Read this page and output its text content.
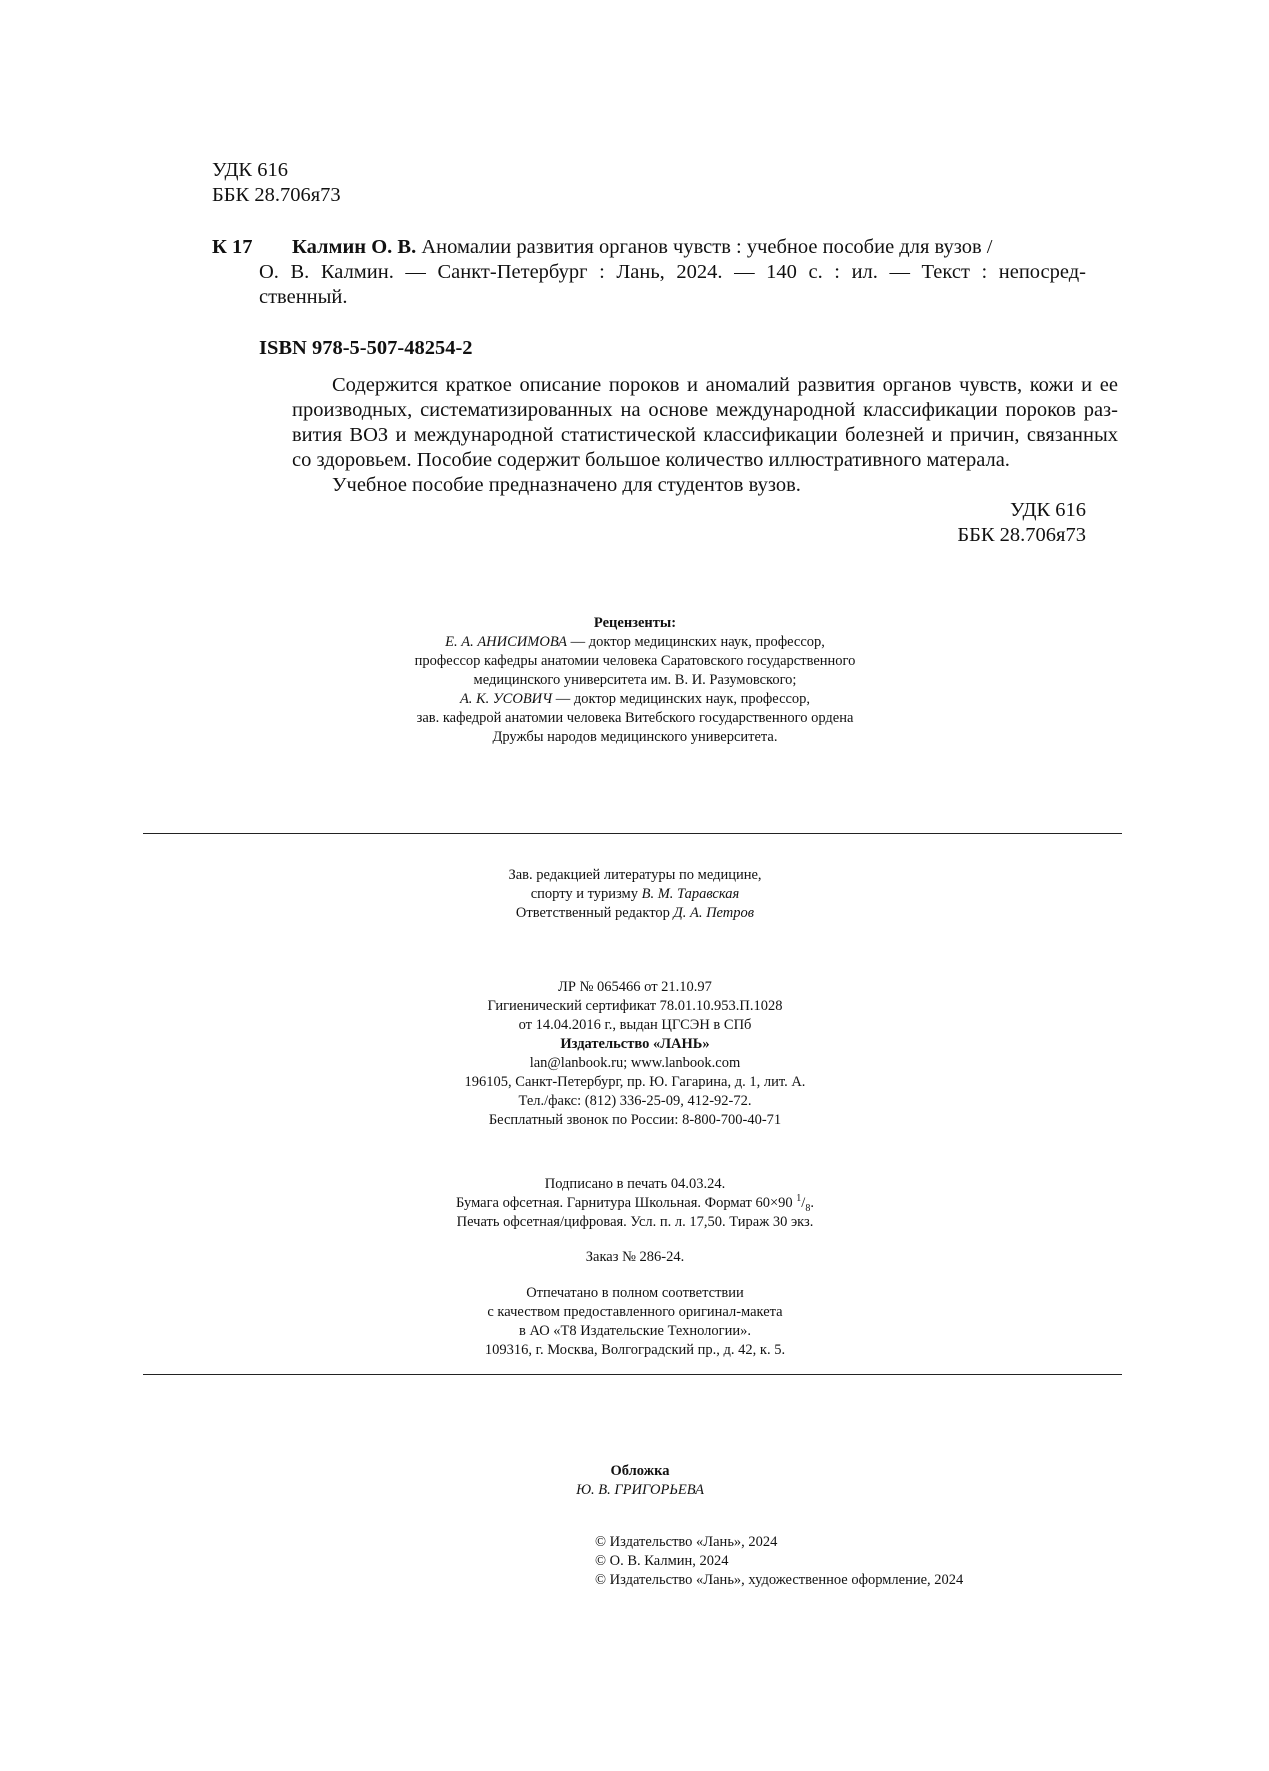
УДК 616
ББК 28.706я73
К 17 Калмин О. В. Аномалии развития органов чувств : учебное пособие для вузов /
О. В. Калмин. — Санкт-Петербург : Лань, 2024. — 140 с. : ил. — Текст : непосред-
ственный.
ISBN 978-5-507-48254-2
Содержится краткое описание пороков и аномалий развития органов чувств, кожи и ее
производных, систематизированных на основе международной классификации пороков раз-
вития ВОЗ и международной статистической классификации болезней и причин, связанных
со здоровьем. Пособие содержит большое количество иллюстративного матерала.
Учебное пособие предназначено для студентов вузов.
УДК 616
ББК 28.706я73
Рецензенты:
Е. А. АНИСИМОВА — доктор медицинских наук, профессор,
профессор кафедры анатомии человека Саратовского государственного
медицинского университета им. В. И. Разумовского;
А. К. УСОВИЧ — доктор медицинских наук, профессор,
зав. кафедрой анатомии человека Витебского государственного ордена
Дружбы народов медицинского университета.
Зав. редакцией литературы по медицине,
спорту и туризму В. М. Таравская
Ответственный редактор Д. А. Петров
ЛР № 065466 от 21.10.97
Гигиенический сертификат 78.01.10.953.П.1028
от 14.04.2016 г., выдан ЦГСЭН в СПб
Издательство «ЛАНЬ»
lan@lanbook.ru; www.lanbook.com
196105, Санкт-Петербург, пр. Ю. Гагарина, д. 1, лит. А.
Тел./факс: (812) 336-25-09, 412-92-72.
Бесплатный звонок по России: 8-800-700-40-71
Подписано в печать 04.03.24.
Бумага офсетная. Гарнитура Школьная. Формат 60×90 $^1/_8$.
Печать офсетная/цифровая. Усл. п. л. 17,50. Тираж 30 экз.
Заказ № 286-24.
Отпечатано в полном соответствии
с качеством предоставленного оригинал-макета
в АО «Т8 Издательские Технологии».
109316, г. Москва, Волгоградский пр., д. 42, к. 5.
Обложка
Ю. В. ГРИГОРЬЕВА
© Издательство «Лань», 2024
© О. В. Калмин, 2024
© Издательство «Лань», художественное оформление, 2024
